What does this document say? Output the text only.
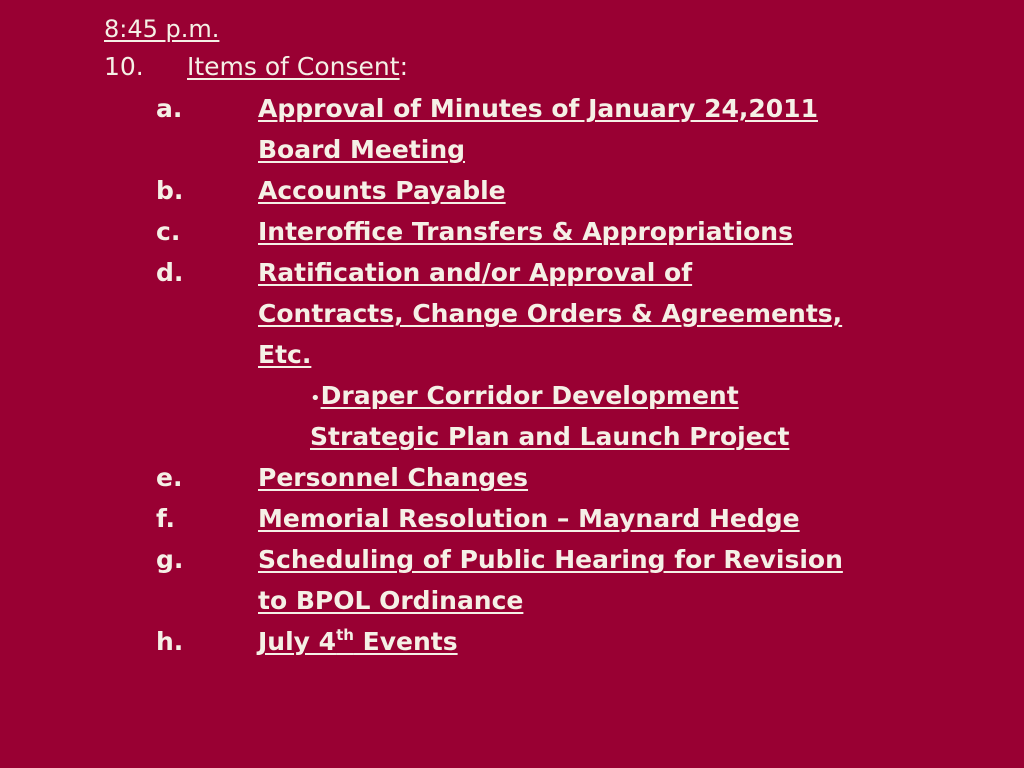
8:45 p.m.
10. Items of Consent:
a.	Approval of Minutes of January 24,2011
Board Meeting
b.	Accounts Payable
c.	Interoffice Transfers & Appropriations
d.	Ratification and/or Approval of
Contracts, Change Orders & Agreements,
Etc.
•Draper Corridor Development
Strategic Plan and Launch Project
e.	Personnel Changes
f.	Memorial Resolution – Maynard Hedge
g.	Scheduling of Public Hearing for Revision
to BPOL Ordinance
h.	July 4th Events
